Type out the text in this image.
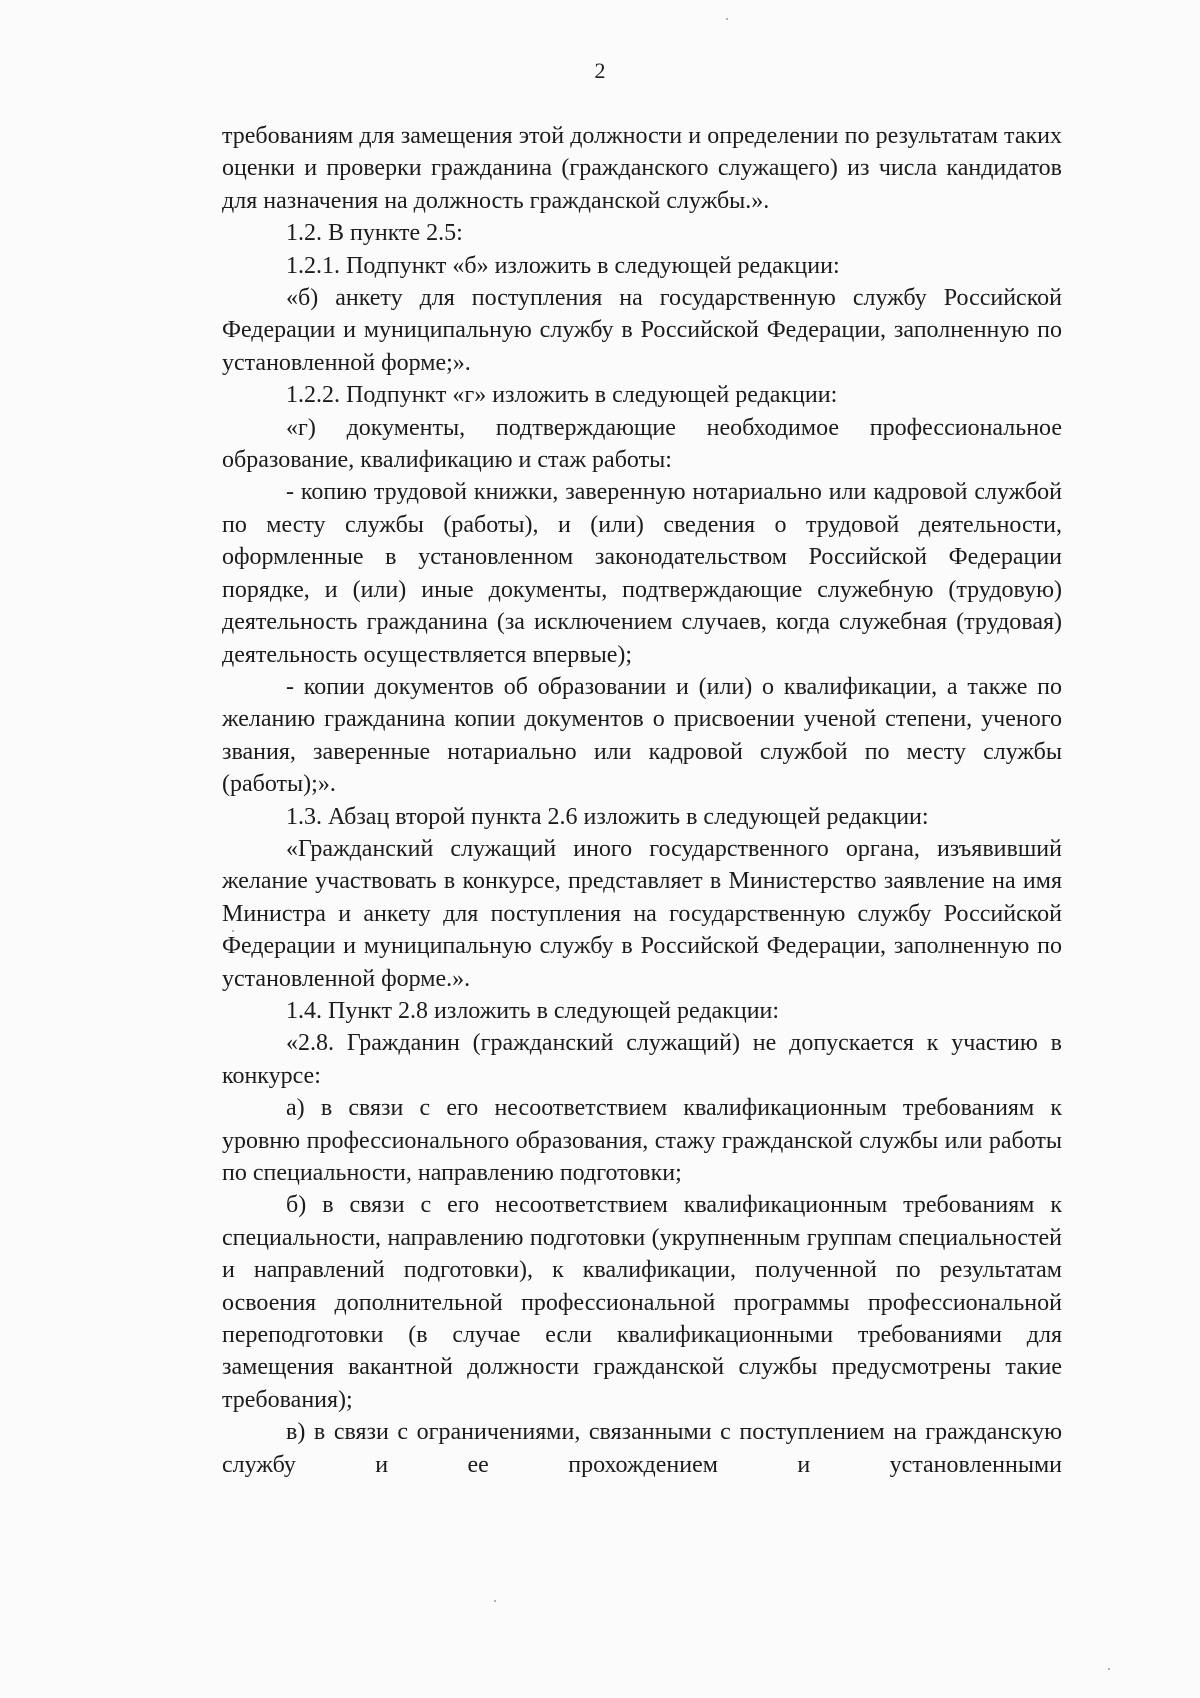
2

требованиям для замещения этой должности и определении по результатам таких оценки и проверки гражданина (гражданского служащего) из числа кандидатов для назначения на должность гражданской службы.».

1.2. В пункте 2.5:

1.2.1. Подпункт «б» изложить в следующей редакции:

«б) анкету для поступления на государственную службу Российской Федерации и муниципальную службу в Российской Федерации, заполненную по установленной форме;».

1.2.2. Подпункт «г» изложить в следующей редакции:

«г) документы, подтверждающие необходимое профессиональное образование, квалификацию и стаж работы:

- копию трудовой книжки, заверенную нотариально или кадровой службой по месту службы (работы), и (или) сведения о трудовой деятельности, оформленные в установленном законодательством Российской Федерации порядке, и (или) иные документы, подтверждающие служебную (трудовую) деятельность гражданина (за исключением случаев, когда служебная (трудовая) деятельность осуществляется впервые);

- копии документов об образовании и (или) о квалификации, а также по желанию гражданина копии документов о присвоении ученой степени, ученого звания, заверенные нотариально или кадровой службой по месту службы (работы);».

1.3. Абзац второй пункта 2.6 изложить в следующей редакции:

«Гражданский служащий иного государственного органа, изъявивший желание участвовать в конкурсе, представляет в Министерство заявление на имя Министра и анкету для поступления на государственную службу Российской Федерации и муниципальную службу в Российской Федерации, заполненную по установленной форме.».

1.4. Пункт 2.8 изложить в следующей редакции:

«2.8. Гражданин (гражданский служащий) не допускается к участию в конкурсе:

а) в связи с его несоответствием квалификационным требованиям к уровню профессионального образования, стажу гражданской службы или работы по специальности, направлению подготовки;

б) в связи с его несоответствием квалификационным требованиям к специальности, направлению подготовки (укрупненным группам специальностей и направлений подготовки), к квалификации, полученной по результатам освоения дополнительной профессиональной программы профессиональной переподготовки (в случае если квалификационными требованиями для замещения вакантной должности гражданской службы предусмотрены такие требования);

в) в связи с ограничениями, связанными с поступлением на гражданскую службу и ее прохождением и установленными
